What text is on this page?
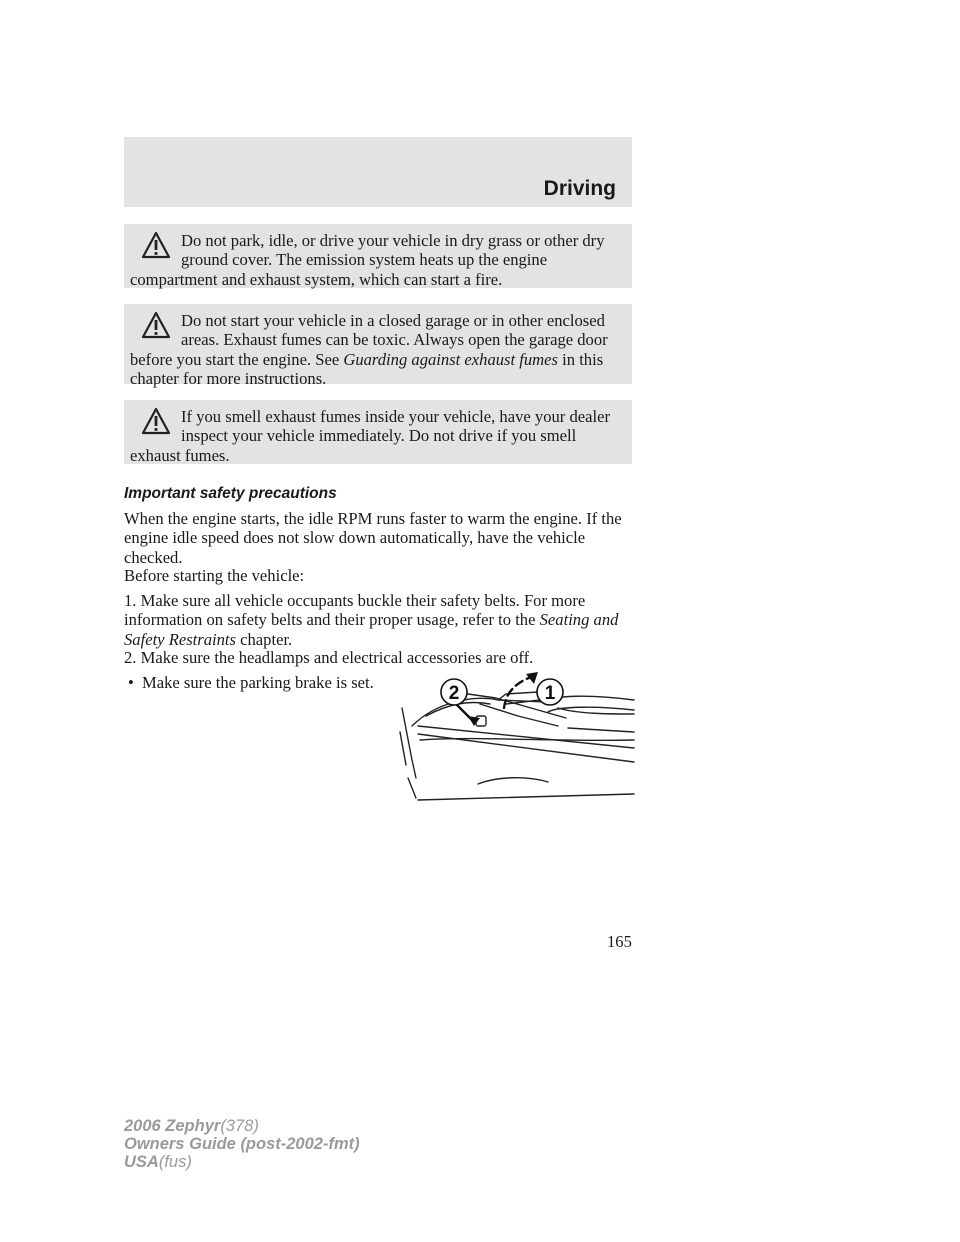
Driving
Do not park, idle, or drive your vehicle in dry grass or other dry ground cover. The emission system heats up the engine compartment and exhaust system, which can start a fire.
Do not start your vehicle in a closed garage or in other enclosed areas. Exhaust fumes can be toxic. Always open the garage door before you start the engine. See Guarding against exhaust fumes in this chapter for more instructions.
If you smell exhaust fumes inside your vehicle, have your dealer inspect your vehicle immediately. Do not drive if you smell exhaust fumes.
Important safety precautions

When the engine starts, the idle RPM runs faster to warm the engine. If the engine idle speed does not slow down automatically, have the vehicle checked.

Before starting the vehicle:

1. Make sure all vehicle occupants buckle their safety belts. For more information on safety belts and their proper usage, refer to the Seating and Safety Restraints chapter.

2. Make sure the headlamps and electrical accessories are off.

• Make sure the parking brake is set.
2	1
165
2006 Zephyr(378)
Owners Guide (post-2002-fmt)
USA(fus)
